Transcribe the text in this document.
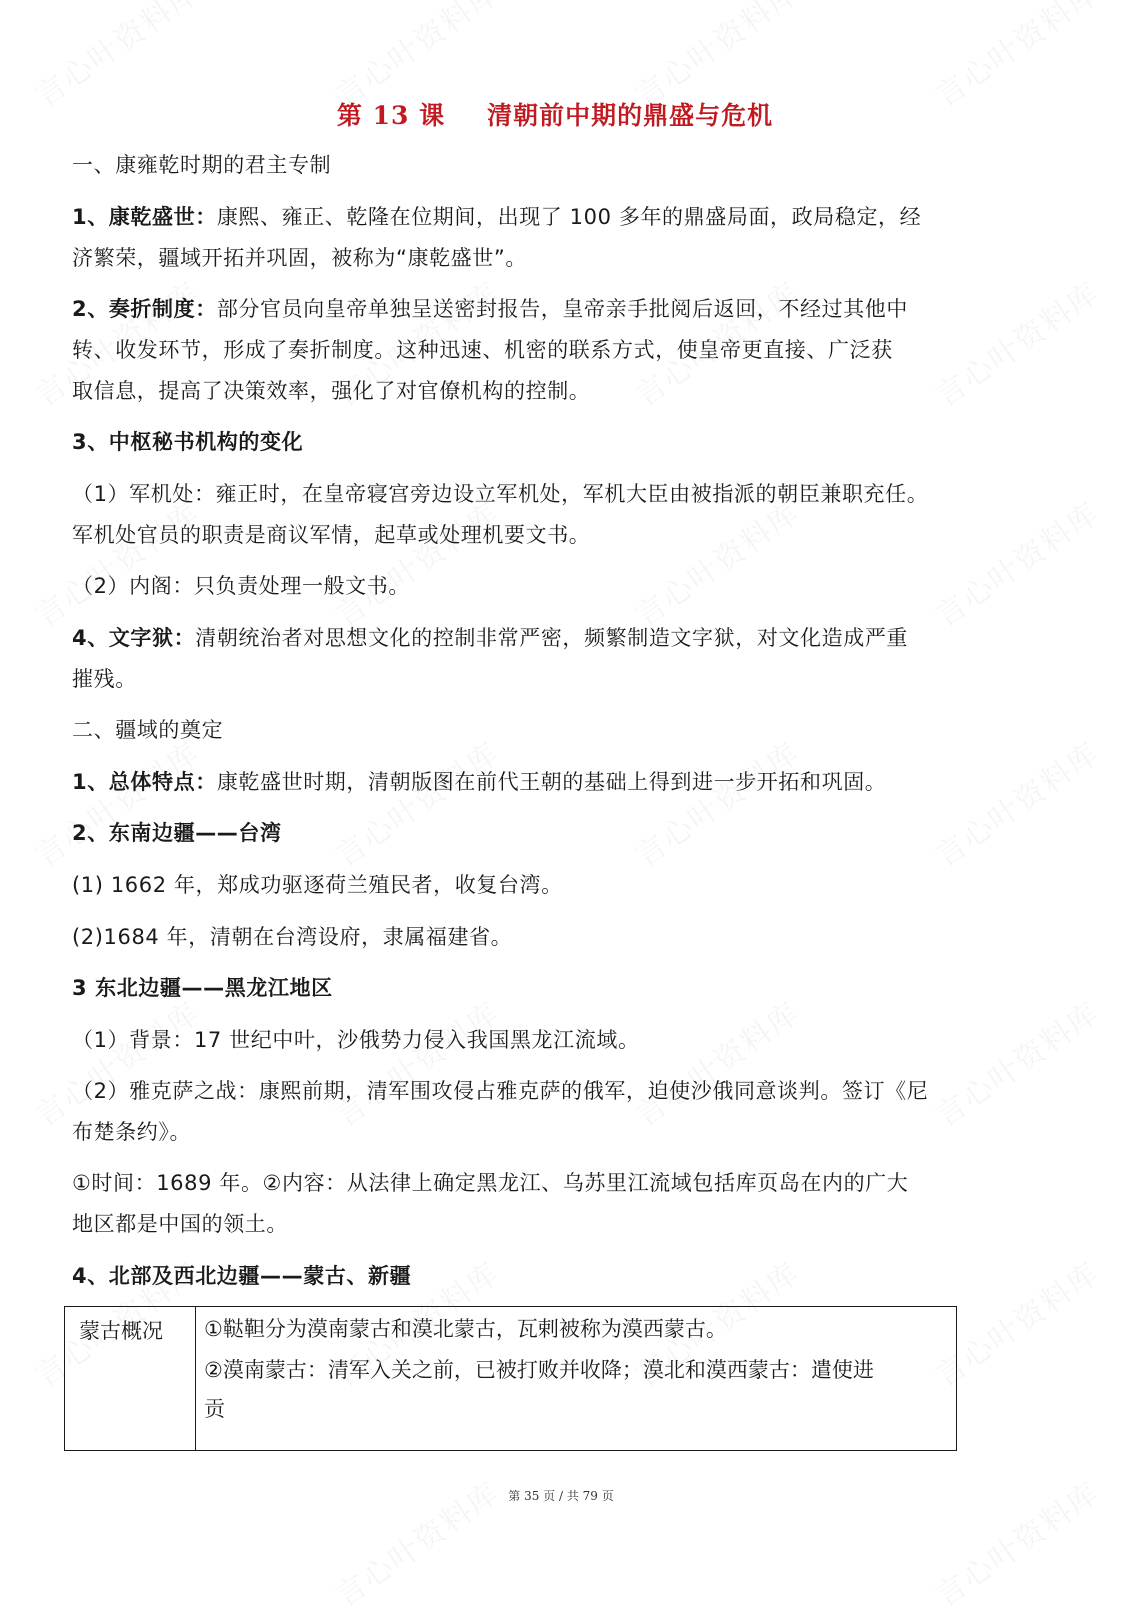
第 13 课 清朝前中期的鼎盛与危机
一、康雍乾时期的君主专制
1、康乾盛世：康熙、雍正、乾隆在位期间，出现了 100 多年的鼎盛局面，政局稳定，经
济繁荣，疆域开拓并巩固，被称为“康乾盛世”。
2、奏折制度：部分官员向皇帝单独呈送密封报告，皇帝亲手批阅后返回，不经过其他中
转、收发环节，形成了奏折制度。这种迅速、机密的联系方式，使皇帝更直接、广泛获
取信息，提高了决策效率，强化了对官僚机构的控制。
3、中枢秘书机构的变化
（1）军机处：雍正时，在皇帝寝宫旁边设立军机处，军机大臣由被指派的朝臣兼职充任。
军机处官员的职责是商议军情，起草或处理机要文书。
（2）内阁：只负责处理一般文书。
4、文字狱：清朝统治者对思想文化的控制非常严密，频繁制造文字狱，对文化造成严重
摧残。
二、疆域的奠定
1、总体特点：康乾盛世时期，清朝版图在前代王朝的基础上得到进一步开拓和巩固。
2、东南边疆——台湾
(1) 1662 年，郑成功驱逐荷兰殖民者，收复台湾。
(2)1684 年，清朝在台湾设府，隶属福建省。
3 东北边疆——黑龙江地区
（1）背景：17 世纪中叶，沙俄势力侵入我国黑龙江流域。
（2）雅克萨之战：康熙前期，清军围攻侵占雅克萨的俄军，迫使沙俄同意谈判。签订《尼
布楚条约》。
①时间：1689 年。②内容：从法律上确定黑龙江、乌苏里江流域包括库页岛在内的广大
地区都是中国的领土。
4、北部及西北边疆——蒙古、新疆
蒙古概况	①鞑靼分为漠南蒙古和漠北蒙古，瓦剌被称为漠西蒙古。
②漠南蒙古：清军入关之前，已被打败并收降；漠北和漠西蒙古：遣使进
贡
第 35 页 / 共 79 页
